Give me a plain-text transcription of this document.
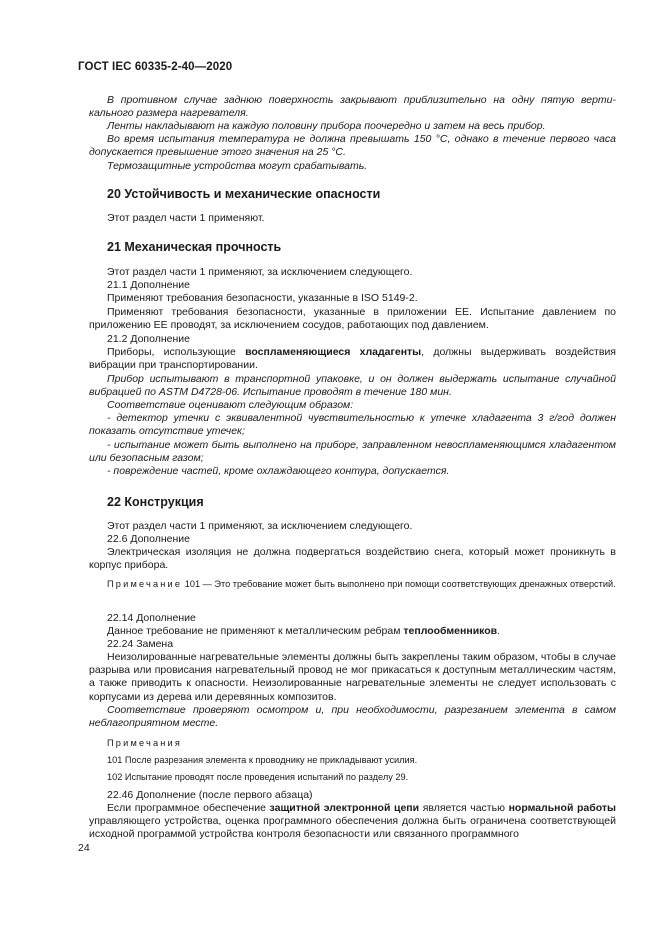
ГОСТ IEC 60335-2-40—2020

В противном случае заднюю поверхность закрывают приблизительно на одну пятую вертикального размера нагревателя.

Ленты накладывают на каждую половину прибора поочередно и затем на весь прибор.

Во время испытания температура не должна превышать 150 °С, однако в течение первого часа допускается превышение этого значения на 25 °С.

Термозащитные устройства могут срабатывать.

20 Устойчивость и механические опасности

Этот раздел части 1 применяют.

21 Механическая прочность

Этот раздел части 1 применяют, за исключением следующего.

21.1 Дополнение

Применяют требования безопасности, указанные в ISO 5149-2.

Применяют требования безопасности, указанные в приложении ЕЕ. Испытание давлением по приложению ЕЕ проводят, за исключением сосудов, работающих под давлением.

21.2 Дополнение

Приборы, использующие воспламеняющиеся хладагенты, должны выдерживать воздействия вибрации при транспортировании.

Прибор испытывают в транспортной упаковке, и он должен выдержать испытание случайной вибрацией по ASTM D4728-06. Испытание проводят в течение 180 мин.

Соответствие оценивают следующим образом:

- детектор утечки с эквивалентной чувствительностью к утечке хладагента 3 г/год должен показать отсутствие утечек;

- испытание может быть выполнено на приборе, заправленном невоспламеняющимся хладагентом или безопасным газом;

- повреждение частей, кроме охлаждающего контура, допускается.

22 Конструкция

Этот раздел части 1 применяют, за исключением следующего.

22.6 Дополнение

Электрическая изоляция не должна подвергаться воздействию снега, который может проникнуть в корпус прибора.

Примечание 101 — Это требование может быть выполнено при помощи соответствующих дренажных отверстий.

22.14 Дополнение

Данное требование не применяют к металлическим ребрам теплообменников.

22.24 Замена

Неизолированные нагревательные элементы должны быть закреплены таким образом, чтобы в случае разрыва или провисания нагревательный провод не мог прикасаться к доступным металлическим частям, а также приводить к опасности. Неизолированные нагревательные элементы не следует использовать с корпусами из дерева или деревянных композитов.

Соответствие проверяют осмотром и, при необходимости, разрезанием элемента в самом неблагоприятном месте.

Примечания

101 После разрезания элемента к проводнику не прикладывают усилия.

102 Испытание проводят после проведения испытаний по разделу 29.

22.46 Дополнение (после первого абзаца)

Если программное обеспечение защитной электронной цепи является частью нормальной работы управляющего устройства, оценка программного обеспечения должна быть ограничена соответствующей исходной программой устройства контроля безопасности или связанного программного

24
